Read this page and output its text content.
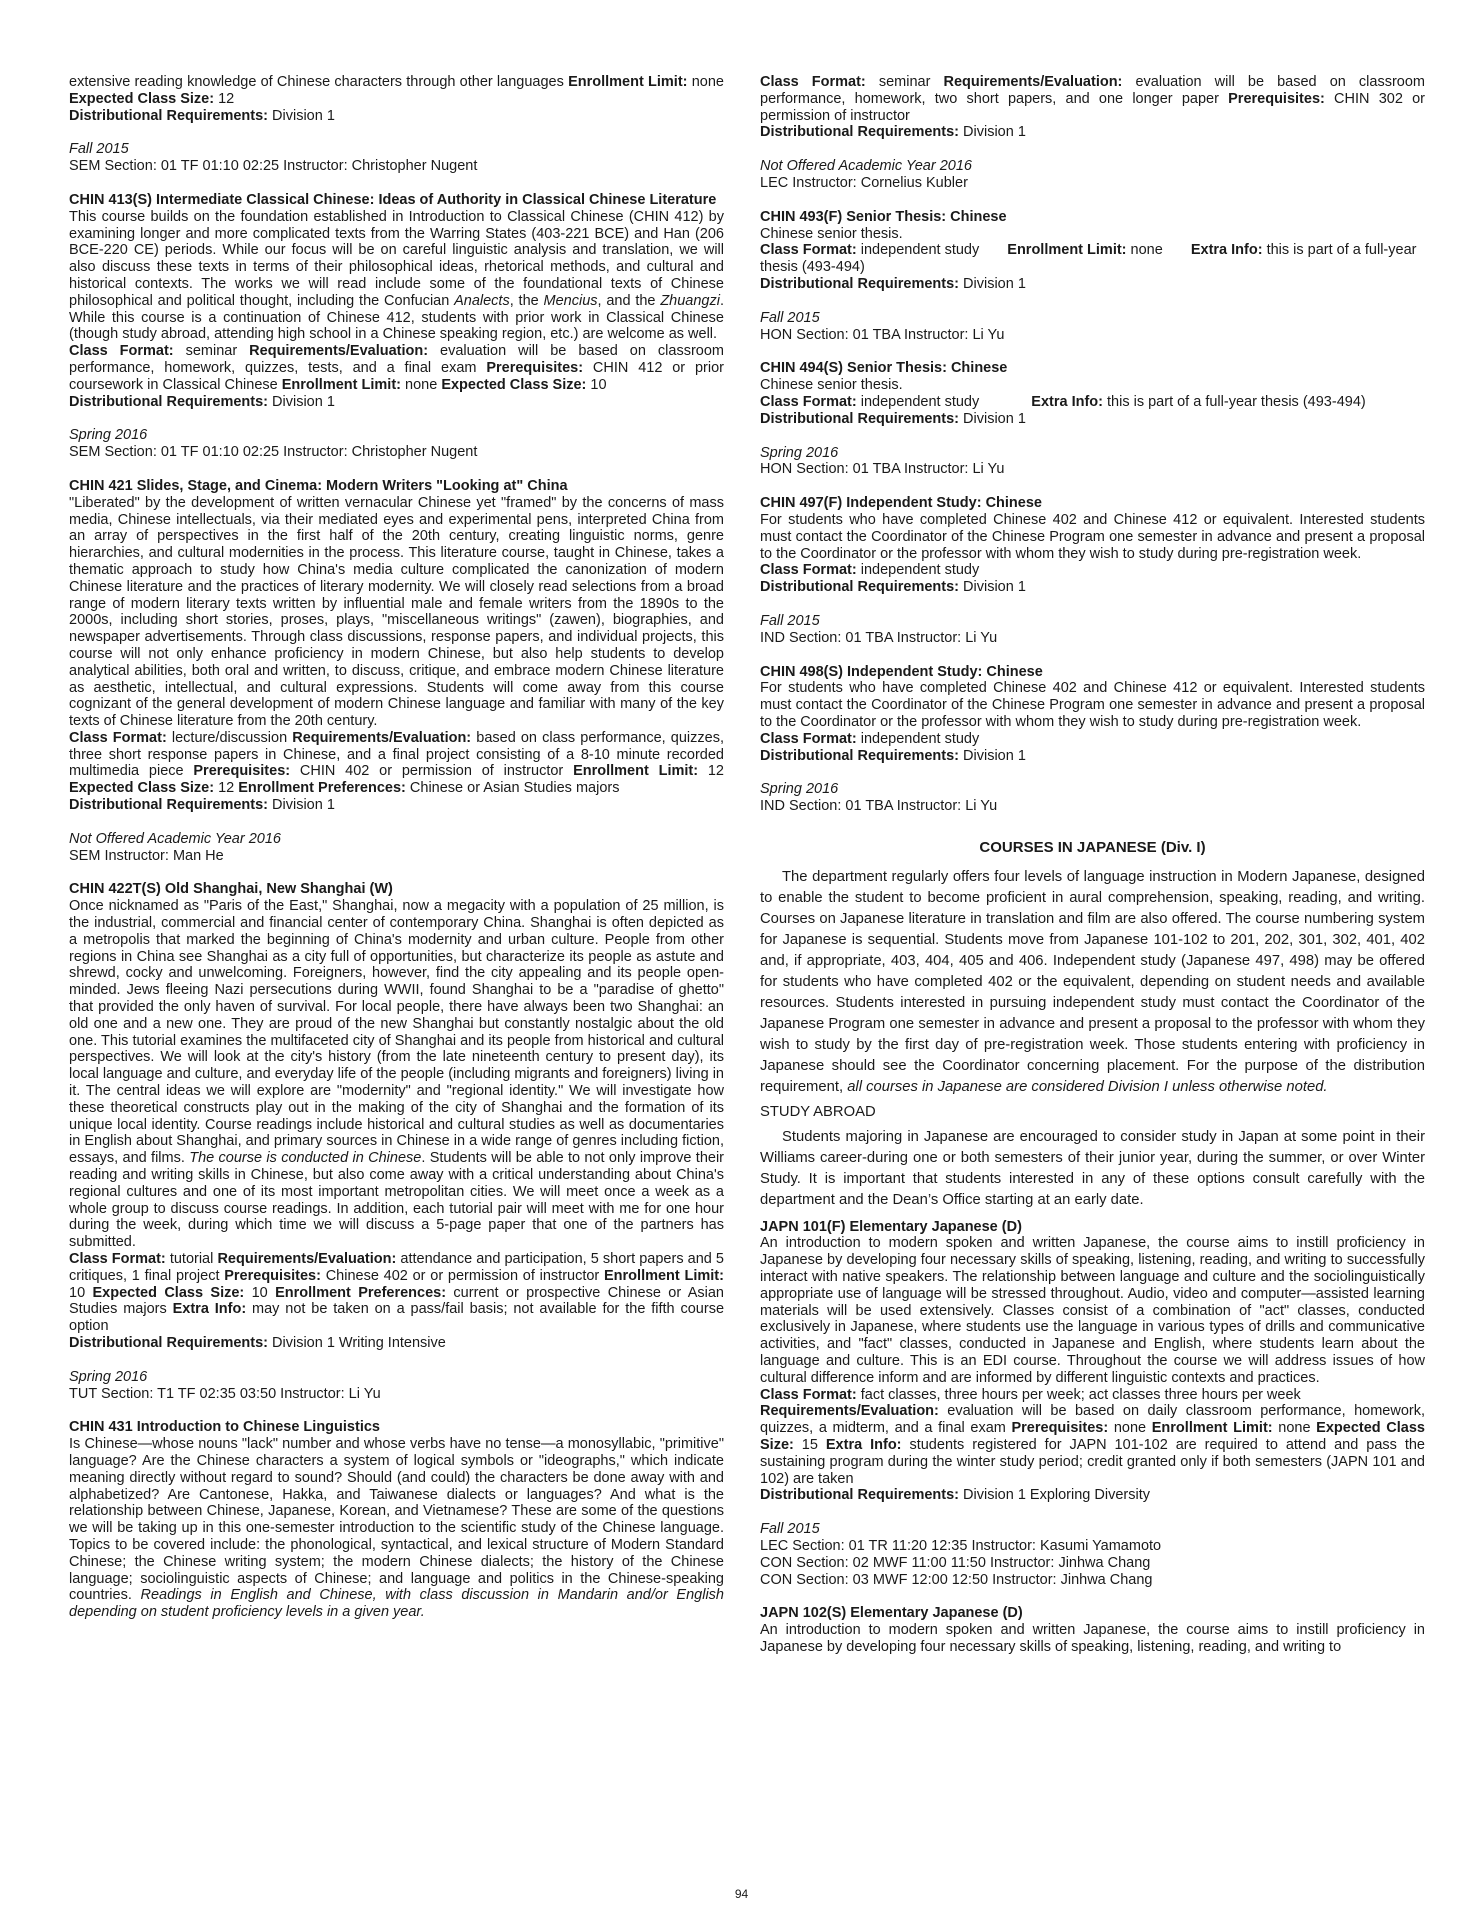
extensive reading knowledge of Chinese characters through other languages Enrollment Limit: none Expected Class Size: 12

Distributional Requirements: Division 1

Fall 2015

SEM Section: 01 TF 01:10 02:25 Instructor: Christopher Nugent

CHIN 413(S) Intermediate Classical Chinese: Ideas of Authority in Classical Chinese Literature

This course builds on the foundation established in Introduction to Classical Chinese (CHIN 412) by examining longer and more complicated texts from the Warring States (403-221 BCE) and Han (206 BCE-220 CE) periods. While our focus will be on careful linguistic analysis and translation, we will also discuss these texts in terms of their philosophical ideas, rhetorical methods, and cultural and historical contexts. The works we will read include some of the foundational texts of Chinese philosophical and political thought, including the Confucian Analects, the Mencius, and the Zhuangzi. While this course is a continuation of Chinese 412, students with prior work in Classical Chinese (though study abroad, attending high school in a Chinese speaking region, etc.) are welcome as well.

Class Format: seminar Requirements/Evaluation: evaluation will be based on classroom performance, homework, quizzes, tests, and a final exam Prerequisites: CHIN 412 or prior coursework in Classical Chinese Enrollment Limit: none Expected Class Size: 10

Distributional Requirements: Division 1

Spring 2016

SEM Section: 01 TF 01:10 02:25 Instructor: Christopher Nugent

CHIN 421 Slides, Stage, and Cinema: Modern Writers "Looking at" China

"Liberated" by the development of written vernacular Chinese yet "framed" by the concerns of mass media, Chinese intellectuals, via their mediated eyes and experimental pens, interpreted China from an array of perspectives in the first half of the 20th century, creating linguistic norms, genre hierarchies, and cultural modernities in the process. This literature course, taught in Chinese, takes a thematic approach to study how China's media culture complicated the canonization of modern Chinese literature and the practices of literary modernity. We will closely read selections from a broad range of modern literary texts written by influential male and female writers from the 1890s to the 2000s, including short stories, proses, plays, "miscellaneous writings" (zawen), biographies, and newspaper advertisements. Through class discussions, response papers, and individual projects, this course will not only enhance proficiency in modern Chinese, but also help students to develop analytical abilities, both oral and written, to discuss, critique, and embrace modern Chinese literature as aesthetic, intellectual, and cultural expressions. Students will come away from this course cognizant of the general development of modern Chinese language and familiar with many of the key texts of Chinese literature from the 20th century.

Class Format: lecture/discussion Requirements/Evaluation: based on class performance, quizzes, three short response papers in Chinese, and a final project consisting of a 8-10 minute recorded multimedia piece Prerequisites: CHIN 402 or permission of instructor Enrollment Limit: 12 Expected Class Size: 12 Enrollment Preferences: Chinese or Asian Studies majors

Distributional Requirements: Division 1

Not Offered Academic Year 2016

SEM Instructor: Man He

CHIN 422T(S) Old Shanghai, New Shanghai (W)

Once nicknamed as "Paris of the East," Shanghai, now a megacity with a population of 25 million, is the industrial, commercial and financial center of contemporary China. Shanghai is often depicted as a metropolis that marked the beginning of China's modernity and urban culture. People from other regions in China see Shanghai as a city full of opportunities, but characterize its people as astute and shrewd, cocky and unwelcoming. Foreigners, however, find the city appealing and its people open-minded. Jews fleeing Nazi persecutions during WWII, found Shanghai to be a "paradise of ghetto" that provided the only haven of survival. For local people, there have always been two Shanghai: an old one and a new one. They are proud of the new Shanghai but constantly nostalgic about the old one. This tutorial examines the multifaceted city of Shanghai and its people from historical and cultural perspectives. We will look at the city's history (from the late nineteenth century to present day), its local language and culture, and everyday life of the people (including migrants and foreigners) living in it. The central ideas we will explore are "modernity" and "regional identity." We will investigate how these theoretical constructs play out in the making of the city of Shanghai and the formation of its unique local identity. Course readings include historical and cultural studies as well as documentaries in English about Shanghai, and primary sources in Chinese in a wide range of genres including fiction, essays, and films. The course is conducted in Chinese. Students will be able to not only improve their reading and writing skills in Chinese, but also come away with a critical understanding about China's regional cultures and one of its most important metropolitan cities. We will meet once a week as a whole group to discuss course readings. In addition, each tutorial pair will meet with me for one hour during the week, during which time we will discuss a 5-page paper that one of the partners has submitted.

Class Format: tutorial Requirements/Evaluation: attendance and participation, 5 short papers and 5 critiques, 1 final project Prerequisites: Chinese 402 or or permission of instructor Enrollment Limit: 10 Expected Class Size: 10 Enrollment Preferences: current or prospective Chinese or Asian Studies majors Extra Info: may not be taken on a pass/fail basis; not available for the fifth course option

Distributional Requirements: Division 1 Writing Intensive

Spring 2016

TUT Section: T1 TF 02:35 03:50 Instructor: Li Yu

CHIN 431 Introduction to Chinese Linguistics

Is Chinese—whose nouns "lack" number and whose verbs have no tense—a monosyllabic, "primitive" language? Are the Chinese characters a system of logical symbols or "ideographs," which indicate meaning directly without regard to sound? Should (and could) the characters be done away with and alphabetized? Are Cantonese, Hakka, and Taiwanese dialects or languages? And what is the relationship between Chinese, Japanese, Korean, and Vietnamese? These are some of the questions we will be taking up in this one-semester introduction to the scientific study of the Chinese language. Topics to be covered include: the phonological, syntactical, and lexical structure of Modern Standard Chinese; the Chinese writing system; the modern Chinese dialects; the history of the Chinese language; sociolinguistic aspects of Chinese; and language and politics in the Chinese-speaking countries. Readings in English and Chinese, with class discussion in Mandarin and/or English depending on student proficiency levels in a given year.

Class Format: seminar Requirements/Evaluation: evaluation will be based on classroom performance, homework, two short papers, and one longer paper Prerequisites: CHIN 302 or permission of instructor

Distributional Requirements: Division 1

Not Offered Academic Year 2016

LEC Instructor: Cornelius Kubler

CHIN 493(F) Senior Thesis: Chinese

Chinese senior thesis.

Class Format: independent study Enrollment Limit: none Extra Info: this is part of a full-year thesis (493-494)

Distributional Requirements: Division 1

Fall 2015

HON Section: 01 TBA Instructor: Li Yu

CHIN 494(S) Senior Thesis: Chinese

Chinese senior thesis.

Class Format: independent study	Extra Info: this is part of a full-year thesis (493-494)

Distributional Requirements: Division 1

Spring 2016

HON Section: 01 TBA Instructor: Li Yu

CHIN 497(F) Independent Study: Chinese

For students who have completed Chinese 402 and Chinese 412 or equivalent. Interested students must contact the Coordinator of the Chinese Program one semester in advance and present a proposal to the Coordinator or the professor with whom they wish to study during pre-registration week.

Class Format: independent study

Distributional Requirements: Division 1

Fall 2015

IND Section: 01 TBA Instructor: Li Yu

CHIN 498(S) Independent Study: Chinese

For students who have completed Chinese 402 and Chinese 412 or equivalent. Interested students must contact the Coordinator of the Chinese Program one semester in advance and present a proposal to the Coordinator or the professor with whom they wish to study during pre-registration week.

Class Format: independent study

Distributional Requirements: Division 1

Spring 2016

IND Section: 01 TBA Instructor: Li Yu

COURSES IN JAPANESE (Div. I)

The department regularly offers four levels of language instruction in Modern Japanese, designed to enable the student to become proficient in aural comprehension, speaking, reading, and writing. Courses on Japanese literature in translation and film are also offered. The course numbering system for Japanese is sequential. Students move from Japanese 101-102 to 201, 202, 301, 302, 401, 402 and, if appropriate, 403, 404, 405 and 406. Independent study (Japanese 497, 498) may be offered for students who have completed 402 or the equivalent, depending on student needs and available resources. Students interested in pursuing independent study must contact the Coordinator of the Japanese Program one semester in advance and present a proposal to the professor with whom they wish to study by the first day of pre-registration week. Those students entering with proficiency in Japanese should see the Coordinator concerning placement. For the purpose of the distribution requirement, all courses in Japanese are considered Division I unless otherwise noted.

STUDY ABROAD

Students majoring in Japanese are encouraged to consider study in Japan at some point in their Williams career-during one or both semesters of their junior year, during the summer, or over Winter Study. It is important that students interested in any of these options consult carefully with the department and the Dean’s Office starting at an early date.

JAPN 101(F) Elementary Japanese (D)

An introduction to modern spoken and written Japanese, the course aims to instill proficiency in Japanese by developing four necessary skills of speaking, listening, reading, and writing to successfully interact with native speakers. The relationship between language and culture and the sociolinguistically appropriate use of language will be stressed throughout. Audio, video and computer—assisted learning materials will be used extensively. Classes consist of a combination of "act" classes, conducted exclusively in Japanese, where students use the language in various types of drills and communicative activities, and "fact" classes, conducted in Japanese and English, where students learn about the language and culture. This is an EDI course. Throughout the course we will address issues of how cultural difference inform and are informed by different linguistic contexts and practices.

Class Format: fact classes, three hours per week; act classes three hours per week
Requirements/Evaluation: evaluation will be based on daily classroom performance, homework, quizzes, a midterm, and a final exam Prerequisites: none Enrollment Limit: none Expected Class Size: 15 Extra Info: students registered for JAPN 101-102 are required to attend and pass the sustaining program during the winter study period; credit granted only if both semesters (JAPN 101 and 102) are taken

Distributional Requirements: Division 1 Exploring Diversity

Fall 2015

LEC Section: 01 TR 11:20 12:35 Instructor: Kasumi Yamamoto

CON Section: 02 MWF 11:00 11:50 Instructor: Jinhwa Chang

CON Section: 03 MWF 12:00 12:50 Instructor: Jinhwa Chang

JAPN 102(S) Elementary Japanese (D)

An introduction to modern spoken and written Japanese, the course aims to instill proficiency in Japanese by developing four necessary skills of speaking, listening, reading, and writing to

94
